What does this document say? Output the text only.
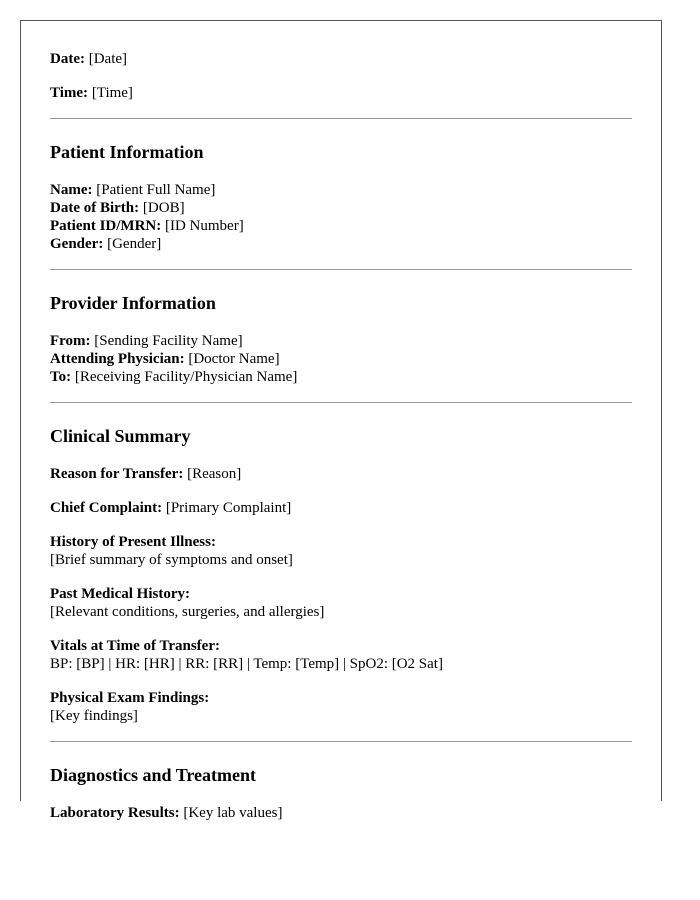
Date: [Date]

Time: [Time]

Patient Information

Name: [Patient Full Name]

Date of Birth: [DOB]

Patient ID/MRN: [ID Number]

Gender: [Gender]

Provider Information

From: [Sending Facility Name]

Attending Physician: [Doctor Name]

To: [Receiving Facility/Physician Name]

Clinical Summary

Reason for Transfer: [Reason]

Chief Complaint: [Primary Complaint]

History of Present Illness:

[Brief summary of symptoms and onset]

Past Medical History:

[Relevant conditions, surgeries, and allergies]

Vitals at Time of Transfer:

BP: [BP] | HR: [HR] | RR: [RR] | Temp: [Temp] | SpO2: [O2 Sat]

Physical Exam Findings:

[Key findings]

Diagnostics and Treatment

Laboratory Results: [Key lab values]
